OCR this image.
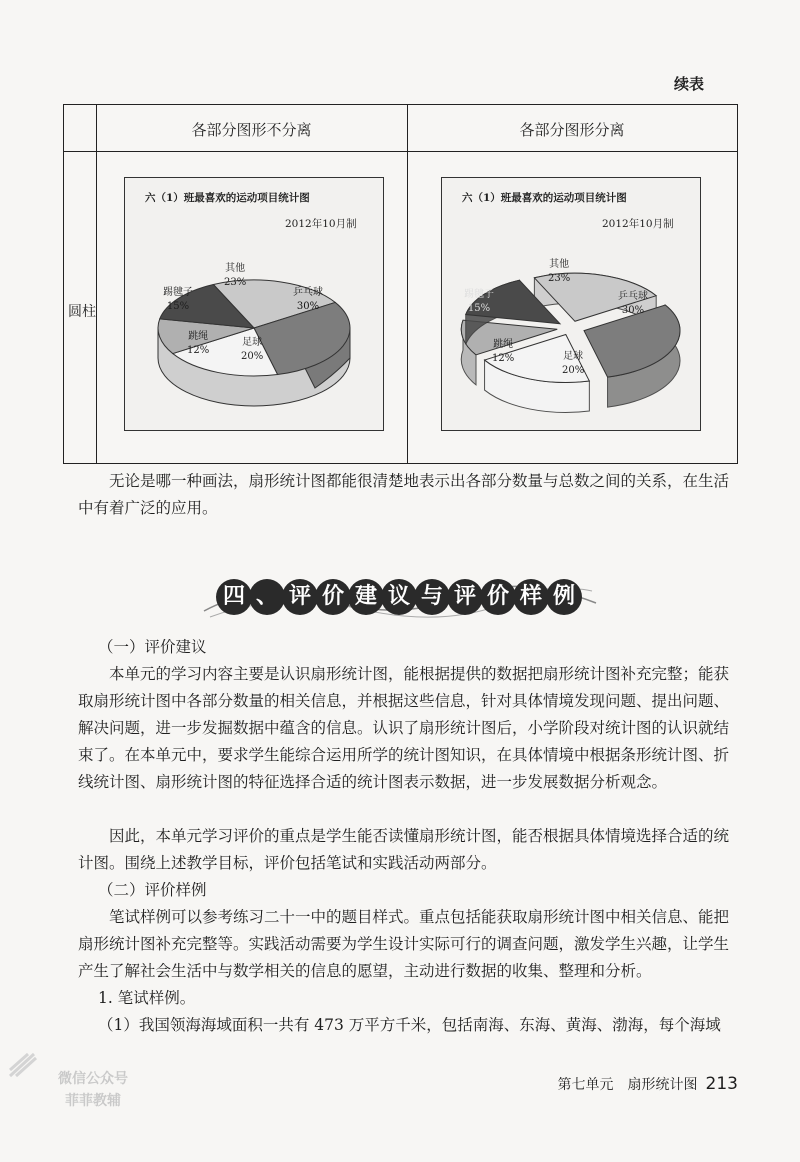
续表
各部分图形不分离	各部分图形分离
圆柱
六（1）班最喜欢的运动项目统计图
2012年10月制
其他
23%
乒乓球
30%
足球
20%
跳绳
12%
踢毽子
15%
六（1）班最喜欢的运动项目统计图
2012年10月制
其他
23%
乒乓球
30%
足球
20%
跳绳
12%
踢毽子
15%

无论是哪一种画法，扇形统计图都能很清楚地表示出各部分数量与总数之间的关系，在生活中有着广泛的应用。

四 、 评 价 建 议 与 评 价 样 例
（一）评价建议

本单元的学习内容主要是认识扇形统计图，能根据提供的数据把扇形统计图补充完整；能获取扇形统计图中各部分数量的相关信息，并根据这些信息，针对具体情境发现问题、提出问题、解决问题，进一步发掘数据中蕴含的信息。认识了扇形统计图后，小学阶段对统计图的认识就结束了。在本单元中，要求学生能综合运用所学的统计图知识，在具体情境中根据条形统计图、折线统计图、扇形统计图的特征选择合适的统计图表示数据，进一步发展数据分析观念。

因此，本单元学习评价的重点是学生能否读懂扇形统计图，能否根据具体情境选择合适的统计图。围绕上述教学目标，评价包括笔试和实践活动两部分。

（二）评价样例

笔试样例可以参考练习二十一中的题目样式。重点包括能获取扇形统计图中相关信息、能把扇形统计图补充完整等。实践活动需要为学生设计实际可行的调查问题，激发学生兴趣，让学生产生了解社会生活中与数学相关的信息的愿望，主动进行数据的收集、整理和分析。

1. 笔试样例。

（1）我国领海海域面积一共有 473 万平方千米，包括南海、东海、黄海、渤海，每个海域

微信公众号
菲菲教辅
第七单元　扇形统计图 213
